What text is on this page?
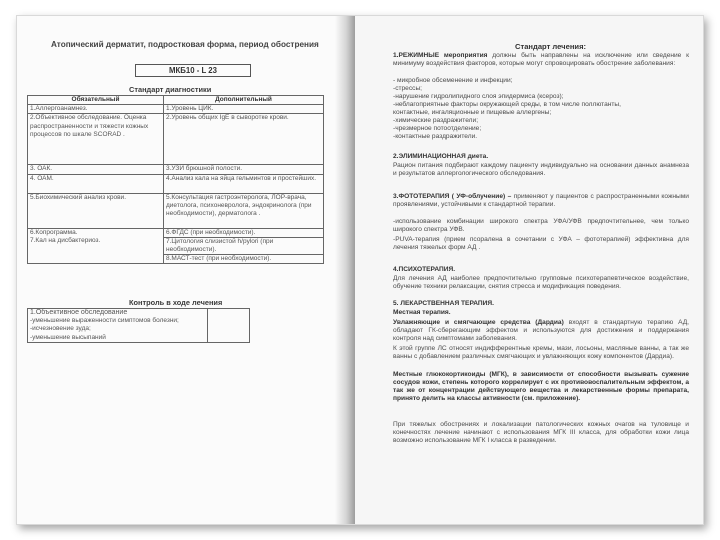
Атопический дерматит, подростковая форма, период обострения
МКБ10 - L 23
Стандарт диагностики
Обязательный	Дополнительный
1.Аллергоанамнез.	1.Уровень ЦИК.
2.Объективное обследование. Оценка распространенности и тяжести кожных процессов по шкале SCORAD .	2.Уровень общих IgE в сыворотке крови.
3. ОАК.	3.УЗИ брюшной полости.
4. ОАМ.	4.Анализ кала на яйца гельминтов и простейших.
5.Биохимический анализ крови.	5.Консультация гастроэнтеролога, ЛОР-врача, диетолога, психоневролога, эндокринолога (при необходимости), дерматолога .
6.Копрограмма.	6.ФГДС (при необходимости).
7.Кал на дисбактериоз.	7.Цитология слизистой h/pylori (при необходимости).
	8.МАСТ-тест (при необходимости).
Контроль в ходе лечения
1.Объективное обследование	
-уменьшение выраженности симптомов болезни;
-исчезновение зуда;
-уменьшение высыпаний
Стандарт лечения:

1.РЕЖИМНЫЕ мероприятия должны быть направлены на исключение или сведение к минимуму воздействия факторов, которые могут спровоцировать обострение заболевания:

- микробное обсеменение и инфекции;

-стрессы;

-нарушение гидролипидного слоя эпидермиса (ксероз);

-неблагоприятные факторы окружающей среды, в том числе поллютанты,

контактные, ингаляционные и пищевые аллергены;

-химические раздражители;

-чрезмерное потоотделение;

-контактные раздражители.

2.ЭЛИМИНАЦИОННАЯ диета.

Рацион питания подбирают каждому пациенту индивидуально на основании данных анамнеза и результатов аллергологического обследования.

3.ФОТОТЕРАПИЯ ( УФ-облучение) – применяют у пациентов с распространенными кожными проявлениями, устойчивыми к стандартной терапии.

-использование комбинации широкого спектра УФА/УФВ предпочтительнее, чем только широкого спектра УФВ.

-PUVA-терапия (прием псоралена в сочетании с УФА – фототерапией) эффективна для лечения тяжелых форм АД .

4.ПСИХОТЕРАПИЯ.

Для лечения АД наиболее предпочтительно групповые психотерапевтическое воздействие, обучение техники релаксации, снятия стресса и модификация поведения.

5. ЛЕКАРСТВЕННАЯ ТЕРАПИЯ.

Местная терапия.

Увлажняющие и смягчающие средства (Дардиа) входят в стандартную терапию АД, обладают ГК-сберегающим эффектом и используются для достижения и поддержания контроля над симптомами заболевания.

К этой группе ЛС относят индифферентные кремы, мази, лосьоны, масляные ванны, а так же ванны с добавлением различных смягчающих и увлажняющих кожу компонентов (Дардиа).

Местные глюкокортикоиды (МГК), в зависимости от способности вызывать сужение сосудов кожи, степень которого коррелирует с их противовоспалительным эффектом, а так же от концентрации действующего вещества и лекарственные формы препарата, принято делить на классы активности (см. приложение).

При тяжелых обострениях и локализации патологических кожных очагов на туловище и конечностях лечение начинают с использования МГК III класса, для обработки кожи лица возможно использование МГК I класса в разведении.
